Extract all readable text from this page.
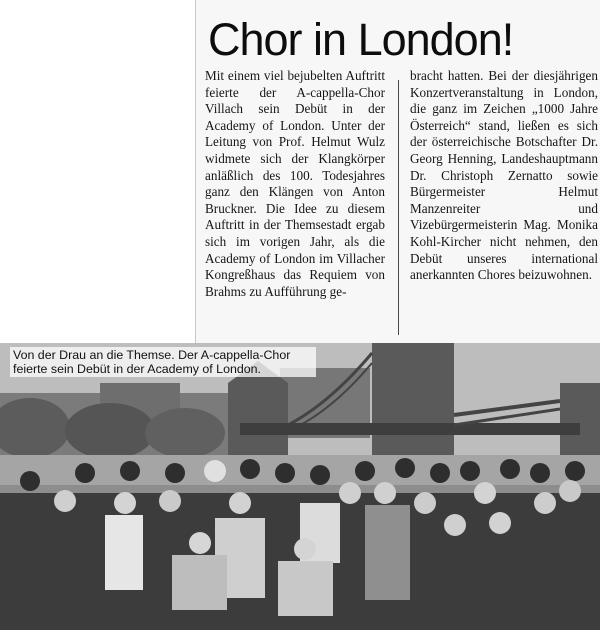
Chor in London!

Mit einem viel bejubelten Auftritt feierte der A-cappella-Chor Villach sein Debüt in der Academy of London. Unter der Leitung von Prof. Helmut Wulz widmete sich der Klangkörper anläßlich des 100. Todesjahres ganz den Klängen von Anton Bruckner. Die Idee zu diesem Auftritt in der Themsestadt ergab sich im vorigen Jahr, als die Academy of London im Villacher Kongreßhaus das Requiem von Brahms zu Aufführung ge-

bracht hatten. Bei der diesjährigen Konzertveranstaltung in London, die ganz im Zeichen „1000 Jahre Österreich“ stand, ließen es sich der österreichische Botschafter Dr. Georg Henning, Landeshauptmann Dr. Christoph Zernatto sowie Bürgermeister Helmut Manzenreiter und Vizebürgermeisterin Mag. Monika Kohl-Kircher nicht nehmen, den Debüt unseres international anerkannten Chores beizuwohnen.

Von der Drau an die Themse. Der A-cappella-Chor feierte sein Debüt in der Academy of London.
